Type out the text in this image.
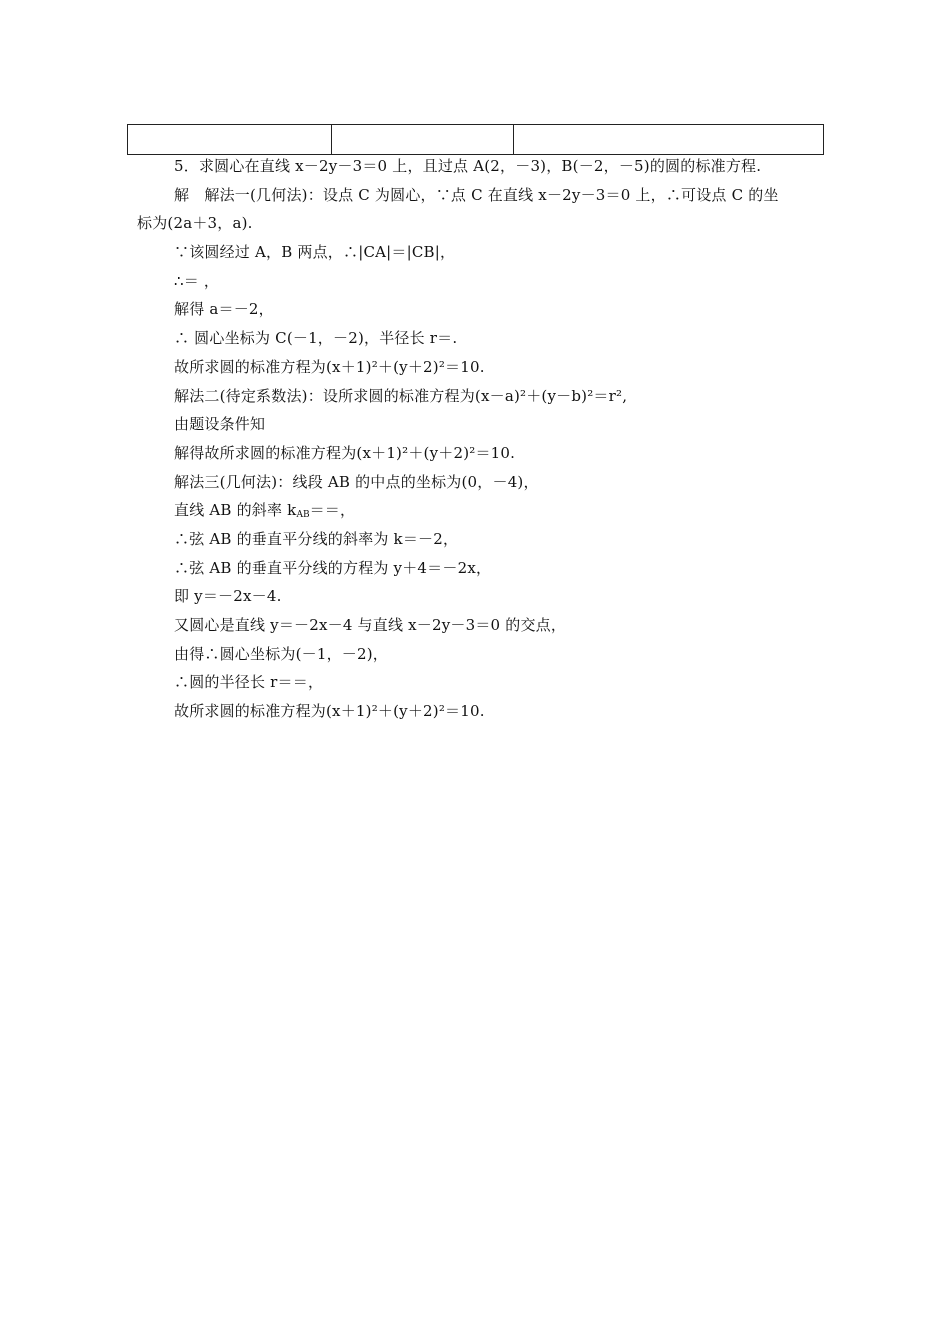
5．求圆心在直线 x－2y－3＝0 上，且过点 A(2，－3)，B(－2，－5)的圆的标准方程.
解　解法一(几何法)：设点 C 为圆心，∵点 C 在直线 x－2y－3＝0 上，∴可设点 C 的坐
标为(2a＋3，a).
∵该圆经过 A，B 两点，∴|CA|＝|CB|，
∴＝ ，
解得 a＝－2，
∴ 圆心坐标为 C(－1，－2)，半径长 r＝.
故所求圆的标准方程为(x＋1)²＋(y＋2)²＝10.
解法二(待定系数法)：设所求圆的标准方程为(x－a)²＋(y－b)²＝r²,
由题设条件知
解得故所求圆的标准方程为(x＋1)²＋(y＋2)²＝10.
解法三(几何法)：线段 AB 的中点的坐标为(0，－4)，
直线 AB 的斜率 $k_{AB}==$，
∴弦 AB 的垂直平分线的斜率为 k＝－2，
∴弦 AB 的垂直平分线的方程为 y＋4＝－2x，
即 y＝－2x－4.
又圆心是直线 y＝－2x－4 与直线 x－2y－3＝0 的交点，
由得∴圆心坐标为(－1，－2)，
∴圆的半径长 r＝＝，
故所求圆的标准方程为(x＋1)²＋(y＋2)²＝10.
